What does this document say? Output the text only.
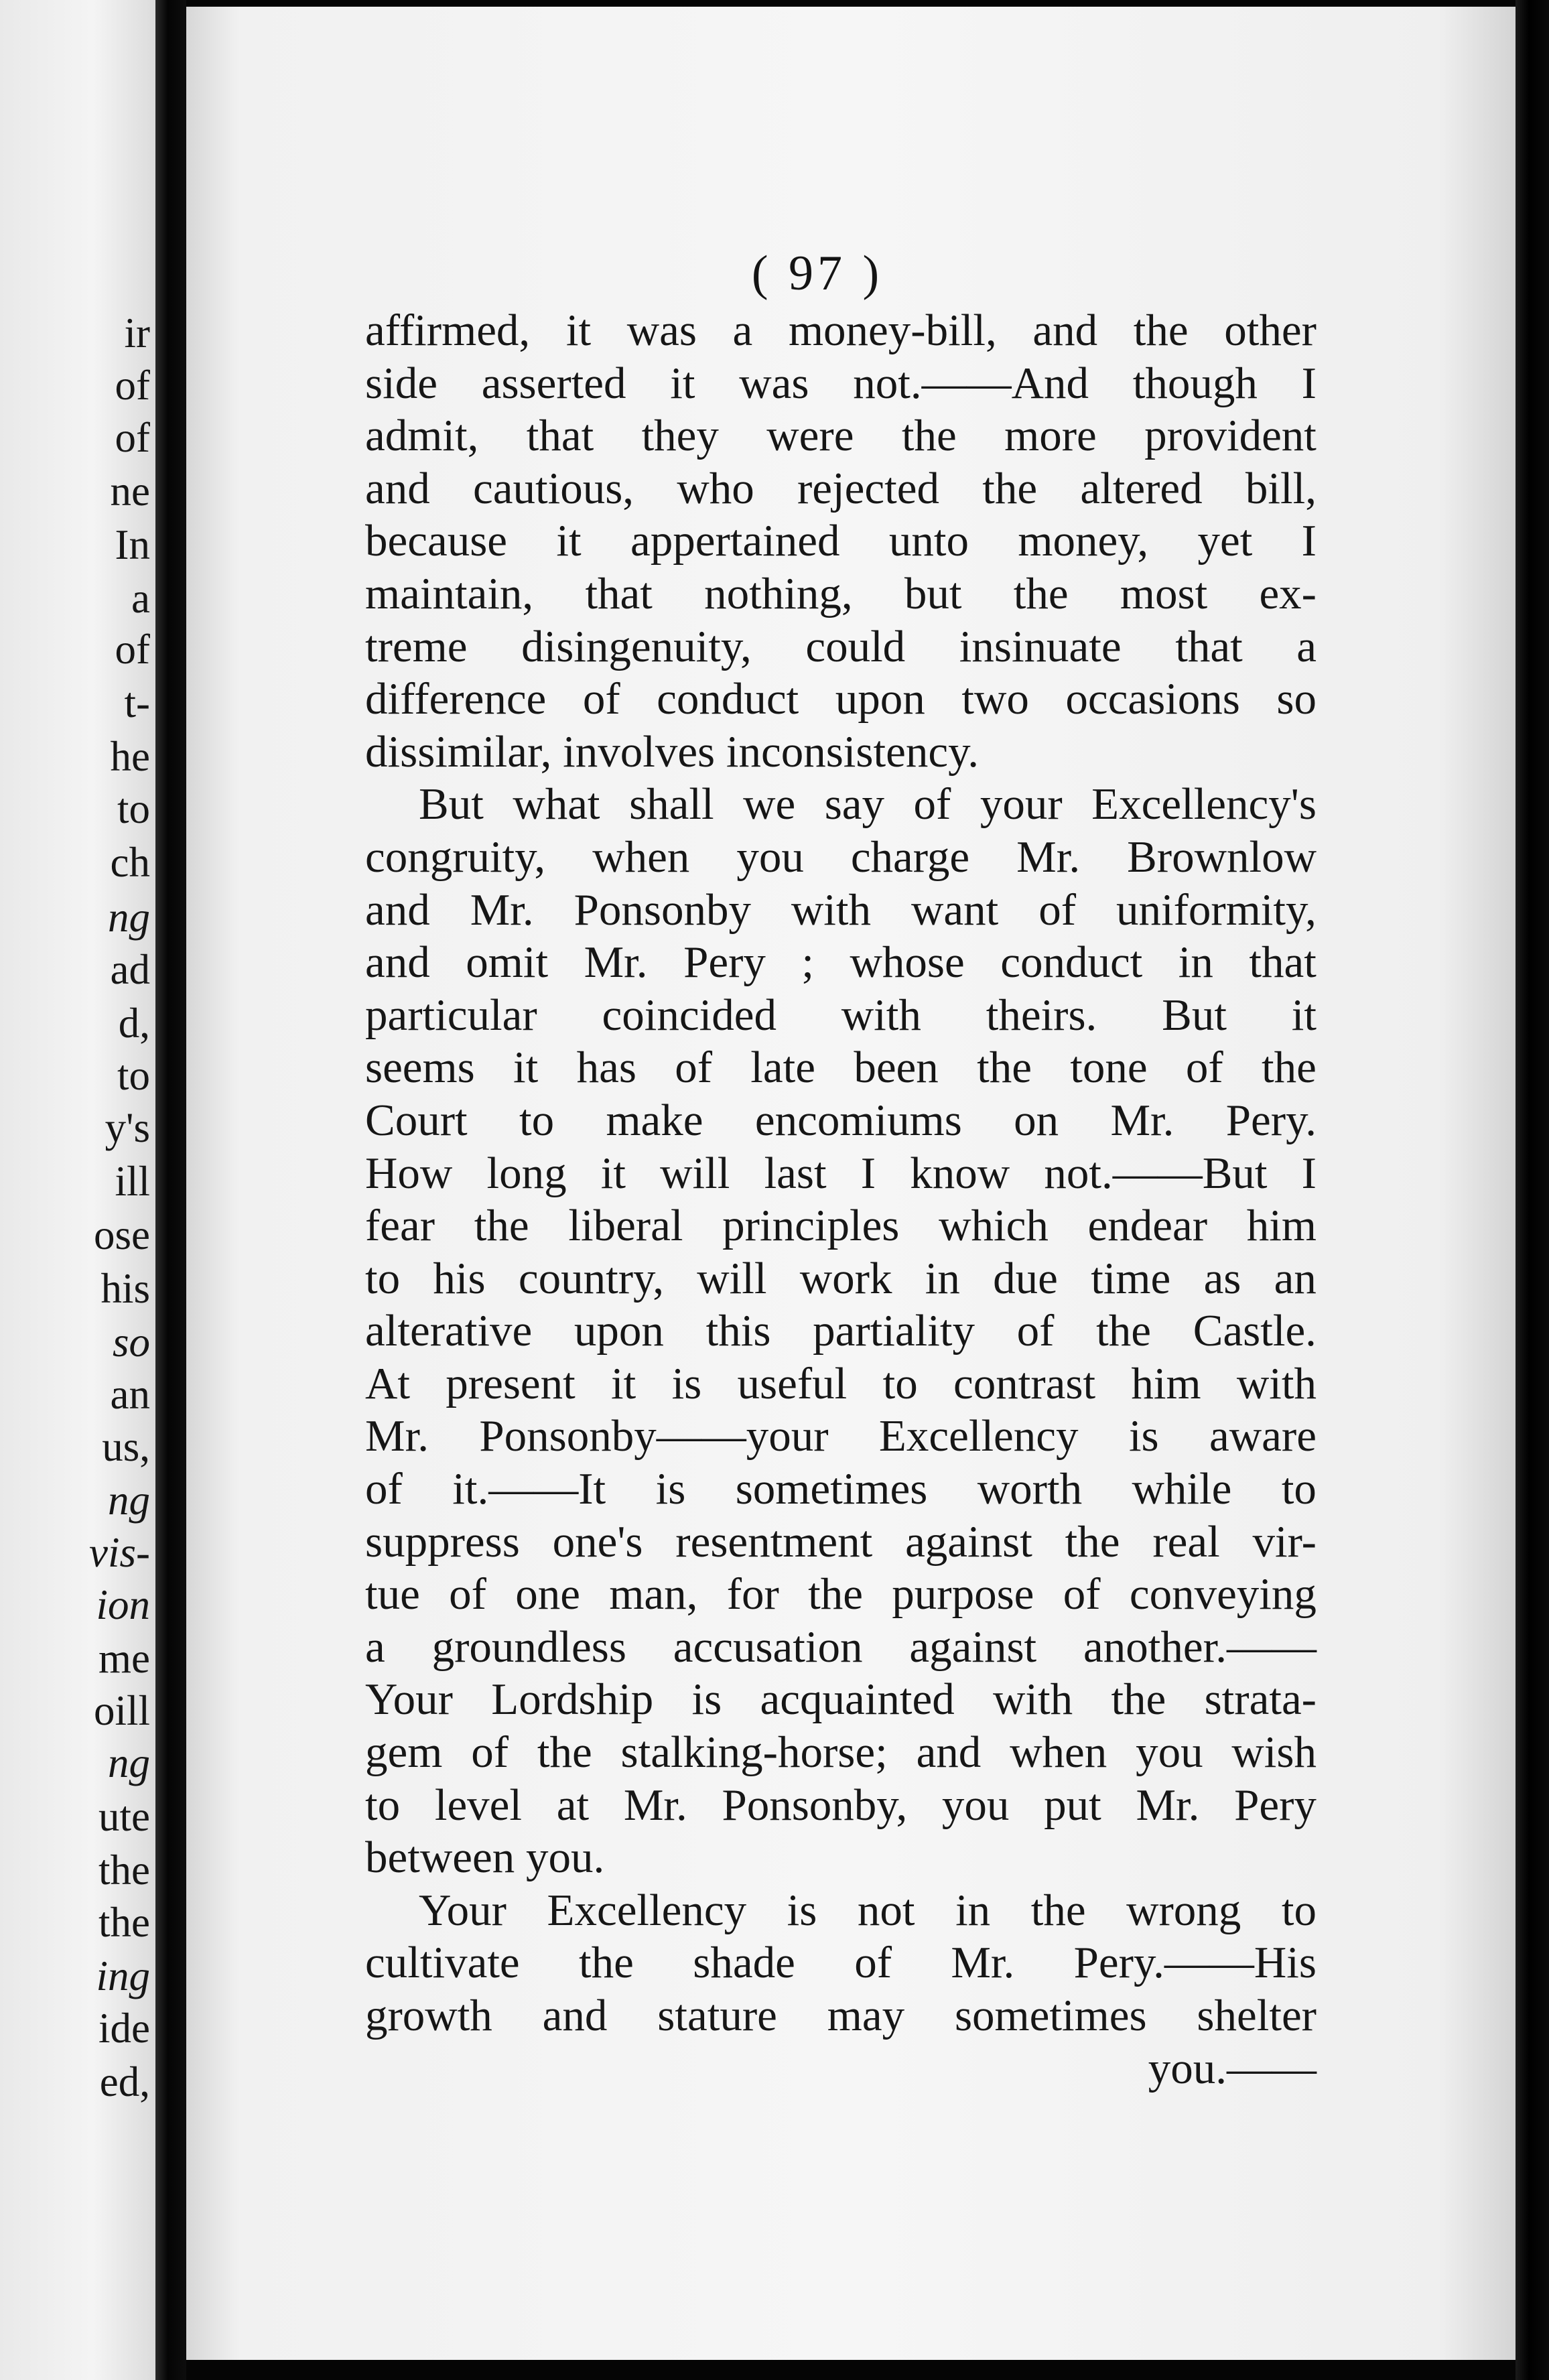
ir
of
of
ne
In
a
of
t-
he
to
ch
ng
ad
d,
to
y's
ill
ose
his
so
an
us,
ng
vis-
ion
me
oill
ng
ute
the
the
ing
ide
ed,
( 97 )
affirmed, it was a money-bill, and the other
side asserted it was not.——And though I
admit, that they were the more provident
and cautious, who rejected the altered bill,
because it appertained unto money, yet I
maintain, that nothing, but the most ex-
treme disingenuity, could insinuate that a
difference of conduct upon two occasions so
dissimilar, involves inconsistency.
But what shall we say of your Excellency's
congruity, when you charge Mr. Brownlow
and Mr. Ponsonby with want of uniformity,
and omit Mr. Pery ; whose conduct in that
particular coincided with theirs. But it
seems it has of late been the tone of the
Court to make encomiums on Mr. Pery.
How long it will last I know not.——But I
fear the liberal principles which endear him
to his country, will work in due time as an
alterative upon this partiality of the Castle.
At present it is useful to contrast him with
Mr. Ponsonby——your Excellency is aware
of it.——It is sometimes worth while to
suppress one's resentment against the real vir-
tue of one man, for the purpose of conveying
a groundless accusation against another.——
Your Lordship is acquainted with the strata-
gem of the stalking-horse; and when you wish
to level at Mr. Ponsonby, you put Mr. Pery
between you.
Your Excellency is not in the wrong to
cultivate the shade of Mr. Pery.——His
growth and stature may sometimes shelter
you.——
